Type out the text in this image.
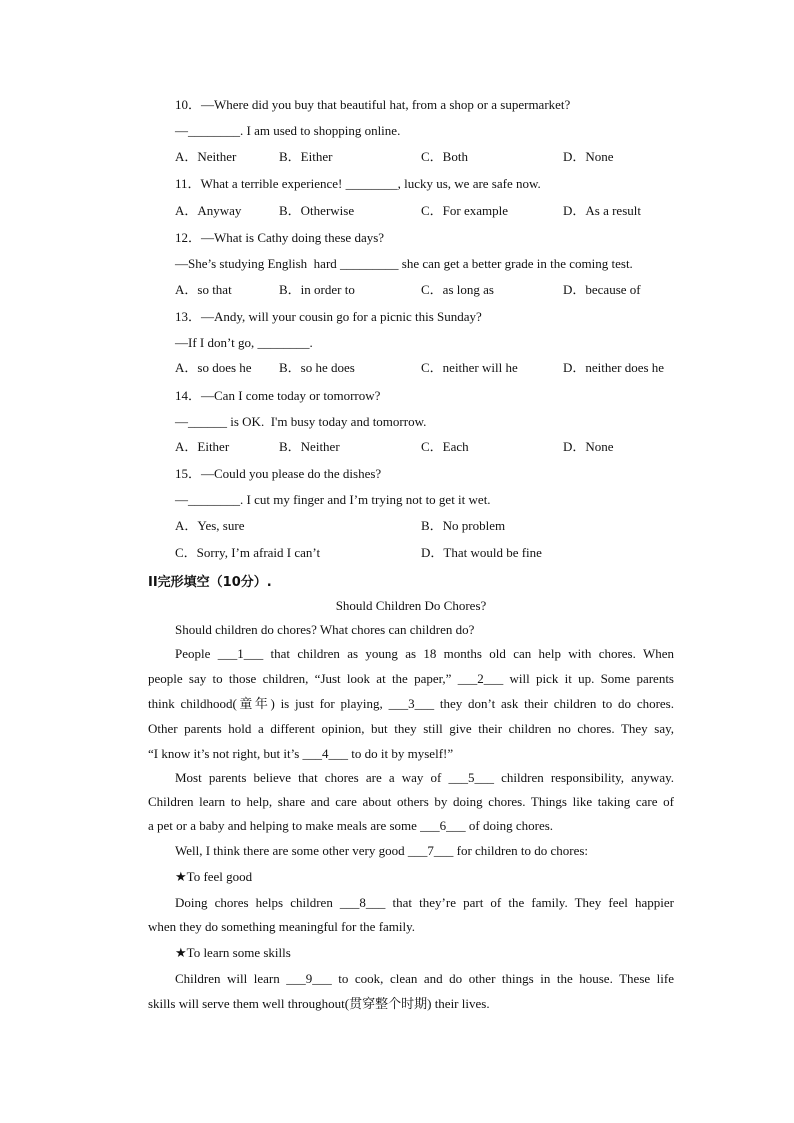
10．—Where did you buy that beautiful hat, from a shop or a supermarket?
—________. I am used to shopping online.
A．Neither	B．Either	C．Both	D．None
11．What a terrible experience! ________, lucky us, we are safe now.
A．Anyway	B．Otherwise	C．For example	D．As a result
12．—What is Cathy doing these days?
—She’s studying English  hard _________ she can get a better grade in the coming test.
A．so that	B．in order to	C．as long as	D．because of
13．—Andy, will your cousin go for a picnic this Sunday?
—If I don’t go, ________.
A．so does he B．so he does	C．neither will he	D．neither does he
14．—Can I come today or tomorrow?
—______ is OK.  I'm busy today and tomorrow.
A．Either	B．Neither	C．Each	D．None
15．—Could you please do the dishes?
—________. I cut my finger and I’m trying not to get it wet.
A．Yes, sure	B．No problem
C．Sorry, I’m afraid I can’t	D．That would be fine
II完形填空（10分）.
Should Children Do Chores?
Should children do chores? What chores can children do?
People ___1___ that children as young as 18 months old can help with chores. When
people say to those children, “Just look at the paper,” ___2___ will pick it up. Some parents
think childhood(童年) is just for playing, ___3___ they don’t ask their children to do chores.
Other parents hold a different opinion, but they still give their children no chores. They say,
“I know it’s not right, but it’s ___4___ to do it by myself!”
Most parents believe that chores are a way of ___5___ children responsibility, anyway.
Children learn to help, share and care about others by doing chores. Things like taking care of
a pet or a baby and helping to make meals are some ___6___ of doing chores.
Well, I think there are some other very good ___7___ for children to do chores:
★To feel good
Doing chores helps children ___8___ that they’re part of the family. They feel happier
when they do something meaningful for the family.
★To learn some skills
Children will learn ___9___ to cook, clean and do other things in the house. These life
skills will serve them well throughout(贯穿整个时期) their lives.
